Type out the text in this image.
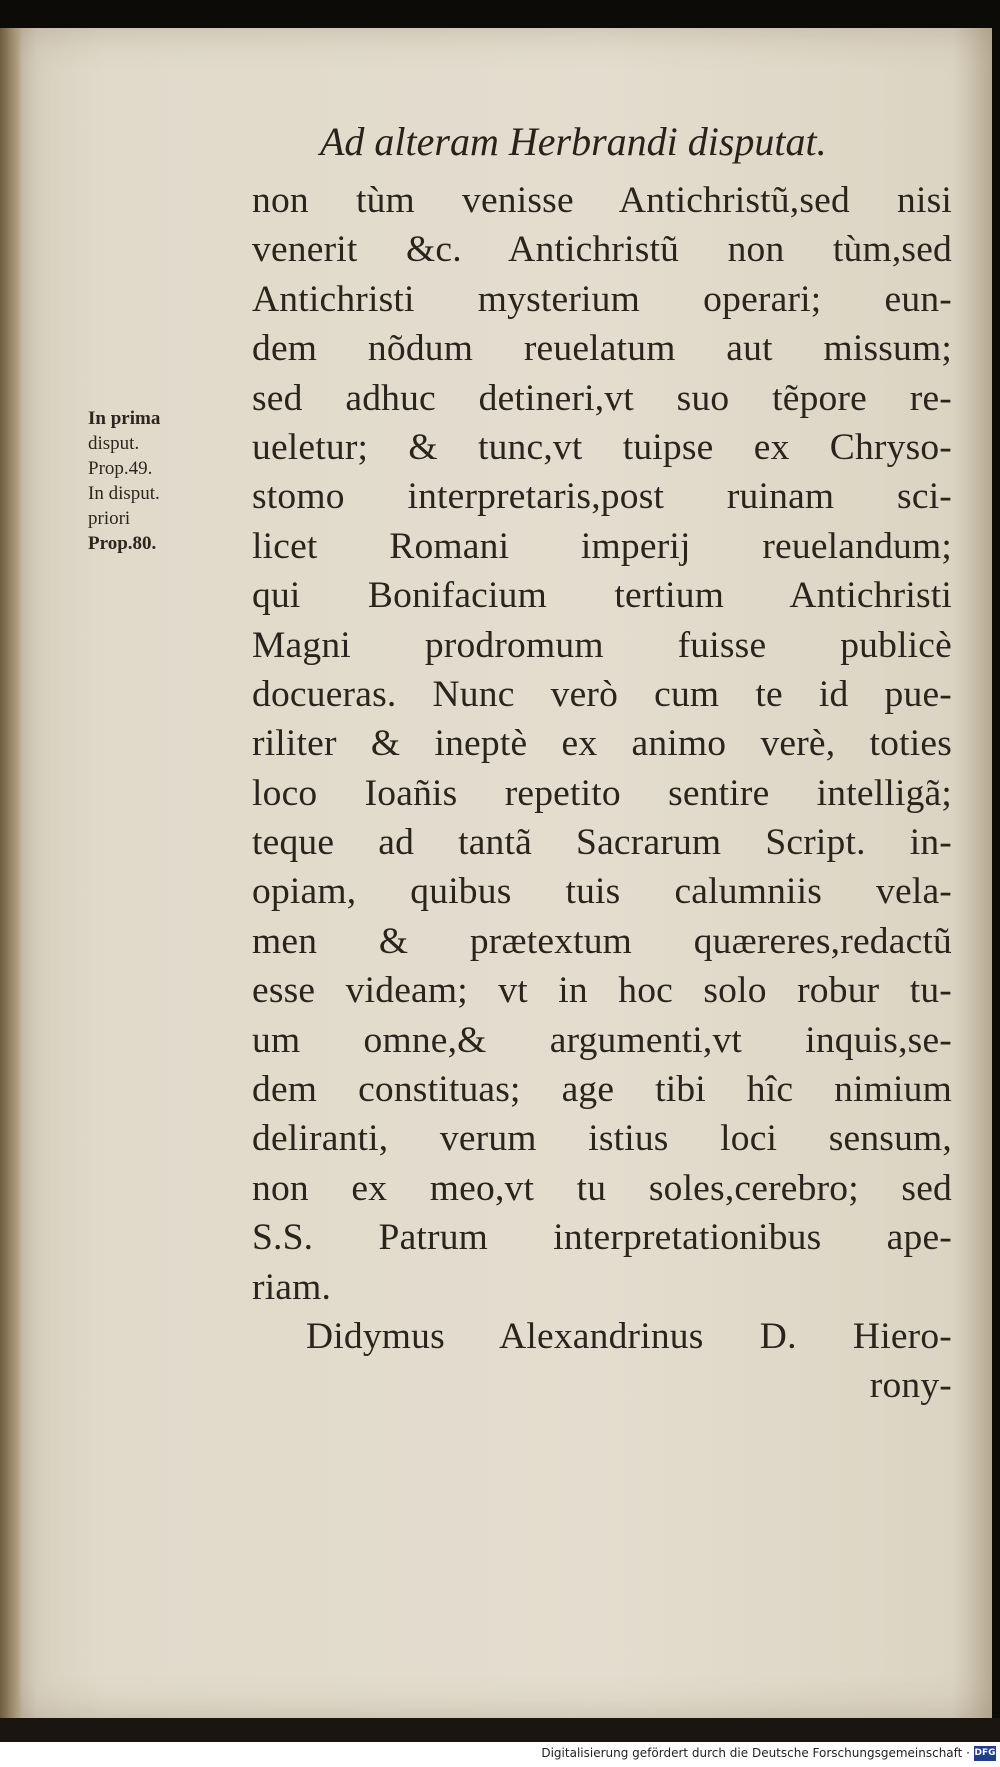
Ad alteram Herbrandi disputat.
In prima
disput.
Prop.49.
In disput.
priori
Prop.80.
non tùm venisse Antichristũ,sed nisi
venerit &c. Antichristũ non tùm,sed
Antichristi mysterium operari; eun-
dem nõdum reuelatum aut missum;
sed adhuc detineri,vt suo tẽpore re-
ueletur; & tunc,vt tuipse ex Chryso-
stomo interpretaris,post ruinam sci-
licet Romani imperij reuelandum;
qui Bonifacium tertium Antichristi
Magni prodromum fuisse publicè
docueras. Nunc verò cum te id pue-
riliter & ineptè ex animo verè, toties
loco Ioañis repetito sentire intelligã;
teque ad tantã Sacrarum Script. in-
opiam, quibus tuis calumniis vela-
men & prætextum quæreres,redactũ
esse videam; vt in hoc solo robur tu-
um omne,& argumenti,vt inquis,se-
dem constituas; age tibi hîc nimium
deliranti, verum istius loci sensum,
non ex meo,vt tu soles,cerebro; sed
S.S. Patrum interpretationibus ape-
riam.
Didymus Alexandrinus D. Hiero-
rony-
Digitalisierung gefördert durch die Deutsche Forschungsgemeinschaft · DFG
